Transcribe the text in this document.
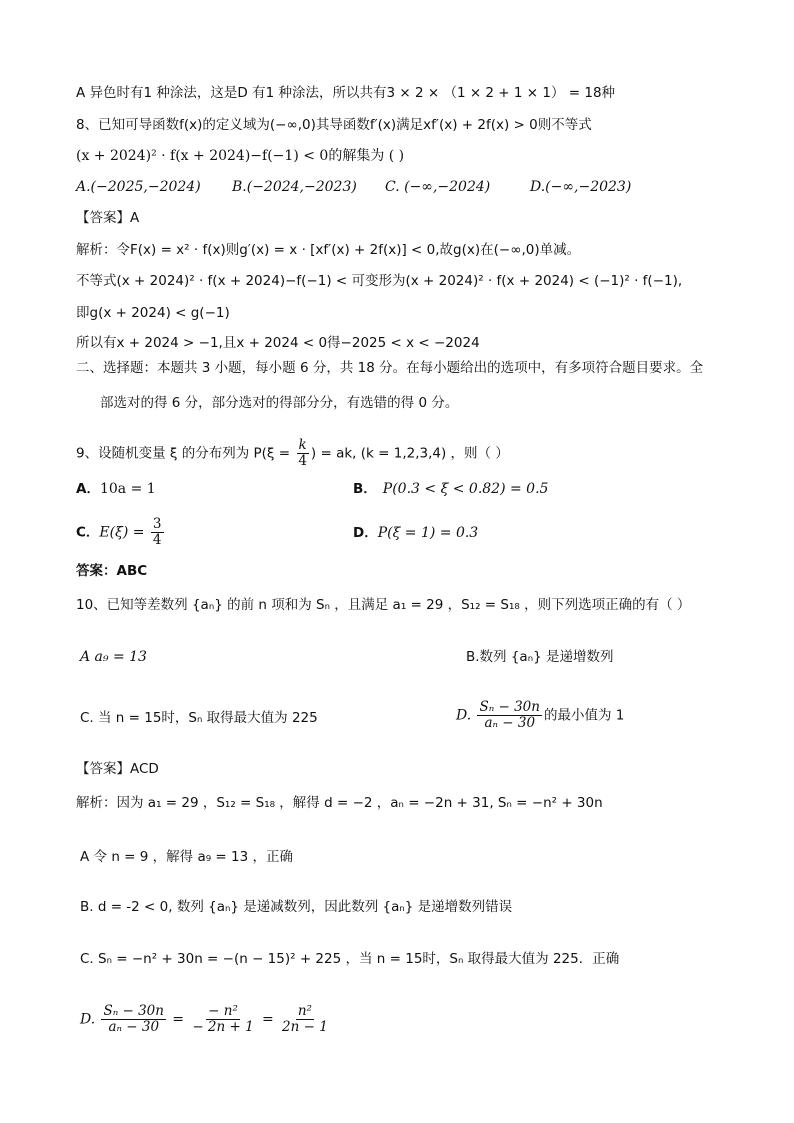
A 异色时有1 种涂法，这是D 有1 种涂法，所以共有3 × 2 × （1 × 2 + 1 × 1） = 18种
8、已知可导函数f(x)的定义域为(−∞,0)其导函数f′(x)满足xf′(x) + 2f(x) > 0则不等式
(x + 2024)² · f(x + 2024)−f(−1) < 0的解集为 ( )
A.(−2025,−2024) B.(−2024,−2023) C. (−∞,−2024)	D.(−∞,−2023)
【答案】A
解析：令F(x) = x² · f(x)则g′(x) = x · [xf′(x) + 2f(x)] < 0,故g(x)在(−∞,0)单减。
不等式(x + 2024)² · f(x + 2024)−f(−1) < 可变形为(x + 2024)² · f(x + 2024) < (−1)² · f(−1),
即g(x + 2024) < g(−1)
所以有x + 2024 > −1,且x + 2024 < 0得−2025 < x < −2024
二、选择题：本题共 3 小题，每小题 6 分，共 18 分。在每小题给出的选项中，有多项符合题目要求。全
部选对的得 6 分，部分选对的得部分分，有选错的得 0 分。
9、设随机变量 ξ 的分布列为 $P(\xi = \frac{k}{4}$ ) = ak, (k = 1,2,3,4) ，则（ ）
A．10a = 1	B． P(0.3 < ξ < 0.82) = 0.5
C．$E(\xi) = \frac{3}{4}$	D．P(ξ = 1) = 0.3
答案：ABC
10、已知等差数列 {aₙ} 的前 n 项和为 Sₙ ，且满足 a₁ = 29 ，S₁₂ = S₁₈ ，则下列选项正确的有（ ）
A a₉ = 13	B.数列 {aₙ} 是递增数列
C. 当 n = 15时，Sₙ 取得最大值为 225	D. $\frac{\text{Sₙ − 30n}}{\text{aₙ − 30}}$ 的最小值为 1
【答案】ACD
解析：因为 a₁ = 29 ，S₁₂ = S₁₈ ，解得 d = −2 ，aₙ = −2n + 31, Sₙ = −n² + 30n
A 令 n = 9 ，解得 a₉ = 13 ，正确
B. d = -2 < 0, 数列 {aₙ} 是递减数列，因此数列 {aₙ} 是递增数列错误
C. Sₙ = −n² + 30n = −(n − 15)² + 225 ，当 n = 15时，Sₙ 取得最大值为 225．正确
D. $\frac{\text{Sₙ − 30n}}{\text{aₙ − 30}} = \frac{\text{− n²}}{- 2n + 1} = \frac{\text{n²}}{2n - 1}$
